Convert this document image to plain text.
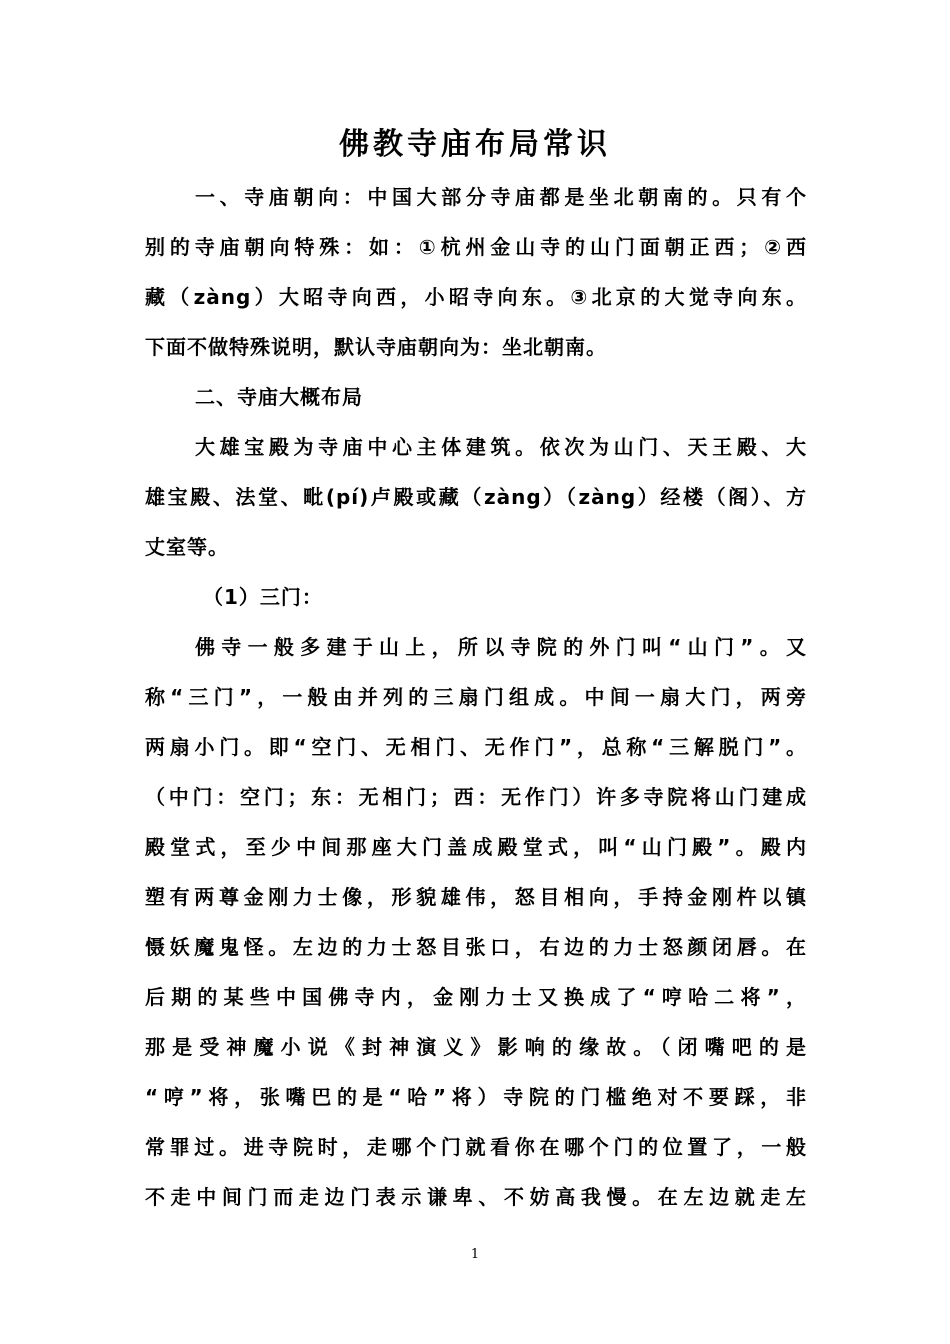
佛教寺庙布局常识
一、寺庙朝向：中国大部分寺庙都是坐北朝南的。只有个
别的寺庙朝向特殊：如：①杭州金山寺的山门面朝正西；②西
藏（zàng）大昭寺向西，小昭寺向东。③北京的大觉寺向东。
下面不做特殊说明，默认寺庙朝向为：坐北朝南。
二、寺庙大概布局
大雄宝殿为寺庙中心主体建筑。依次为山门、天王殿、大
雄宝殿、法堂、毗(pí)卢殿或藏（zàng）（zàng）经楼（阁）、方
丈室等。
（1）三门：
佛寺一般多建于山上，所以寺院的外门叫“山门”。又
称“三门”，一般由并列的三扇门组成。中间一扇大门，两旁
两扇小门。即“空门、无相门、无作门”，总称“三解脱门”。
（中门：空门；东：无相门；西：无作门）许多寺院将山门建成
殿堂式，至少中间那座大门盖成殿堂式，叫“山门殿”。殿内
塑有两尊金刚力士像，形貌雄伟，怒目相向，手持金刚杵以镇
慑妖魔鬼怪。左边的力士怒目张口，右边的力士怒颜闭唇。在
后期的某些中国佛寺内，金刚力士又换成了“哼哈二将”，
那是受神魔小说《封神演义》影响的缘故。（闭嘴吧的是
“哼”将，张嘴巴的是“哈”将）寺院的门槛绝对不要踩，非
常罪过。进寺院时，走哪个门就看你在哪个门的位置了，一般
不走中间门而走边门表示谦卑、不妨高我慢。在左边就走左
1
